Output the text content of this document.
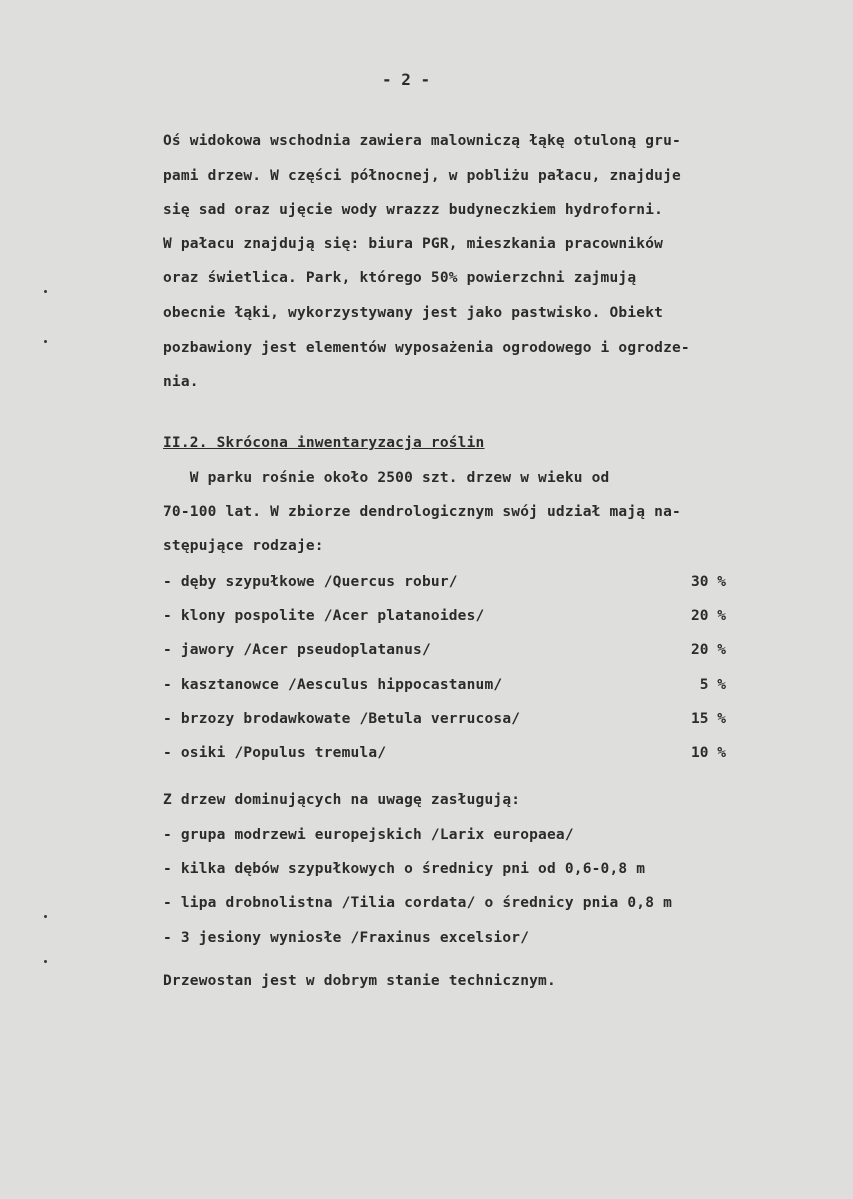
- 2 -
Oś widokowa wschodnia zawiera malowniczą łąkę otuloną gru-
pami drzew. W części północnej, w pobliżu pałacu, znajduje
się sad oraz ujęcie wody wrazzz budyneczkiem hydroforni.
W pałacu znajdują się: biura PGR, mieszkania pracowników
oraz świetlica. Park, którego 50% powierzchni zajmują
obecnie łąki, wykorzystywany jest jako pastwisko. Obiekt
pozbawiony jest elementów wyposażenia ogrodowego i ogrodze-
nia.
II.2. Skrócona inwentaryzacja roślin
W parku rośnie około 2500 szt. drzew w wieku od
70-100 lat. W zbiorze dendrologicznym swój udział mają na-
stępujące rodzaje:
- dęby szypułkowe /Quercus robur/	30 %
- klony pospolite /Acer platanoides/	20 %
- jawory /Acer pseudoplatanus/	20 %
- kasztanowce /Aesculus hippocastanum/	5 %
- brzozy brodawkowate /Betula verrucosa/	15 %
- osiki /Populus tremula/	10 %
Z drzew dominujących na uwagę zasługują:
- grupa modrzewi europejskich /Larix europaea/
- kilka dębów szypułkowych o średnicy pni od 0,6-0,8 m
- lipa drobnolistna /Tilia cordata/ o średnicy pnia 0,8 m
- 3 jesiony wyniosłe /Fraxinus excelsior/
Drzewostan jest w dobrym stanie technicznym.
